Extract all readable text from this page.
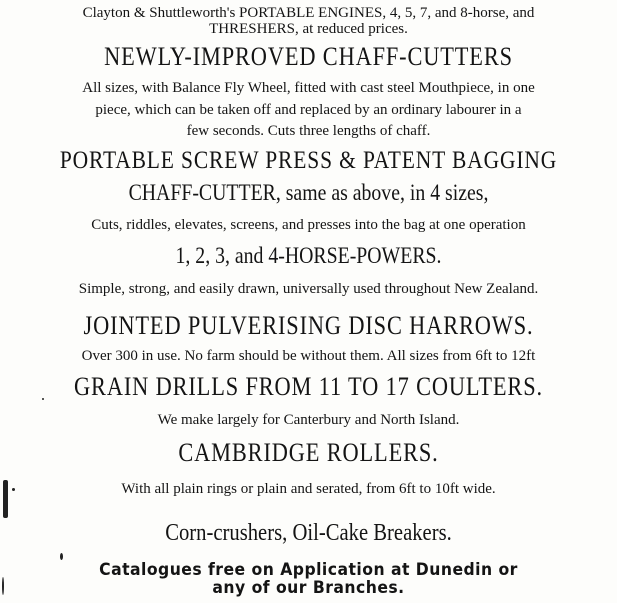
Clayton & Shuttleworth's PORTABLE ENGINES, 4, 5, 7, and 8-horse, and
THRESHERS, at reduced prices.
NEWLY-IMPROVED CHAFF-CUTTERS
All sizes, with Balance Fly Wheel, fitted with cast steel Mouthpiece, in one
piece, which can be taken off and replaced by an ordinary labourer in a
few seconds. Cuts three lengths of chaff.
PORTABLE SCREW PRESS & PATENT BAGGING
CHAFF-CUTTER, same as above, in 4 sizes,
Cuts, riddles, elevates, screens, and presses into the bag at one operation
1, 2, 3, and 4-HORSE-POWERS.
Simple, strong, and easily drawn, universally used throughout New Zealand.
JOINTED PULVERISING DISC HARROWS.
Over 300 in use. No farm should be without them. All sizes from 6ft to 12ft
GRAIN DRILLS FROM 11 TO 17 COULTERS.
We make largely for Canterbury and North Island.
CAMBRIDGE ROLLERS.
With all plain rings or plain and serated, from 6ft to 10ft wide.
Corn-crushers, Oil-Cake Breakers.
Catalogues free on Application at Dunedin or
any of our Branches.
